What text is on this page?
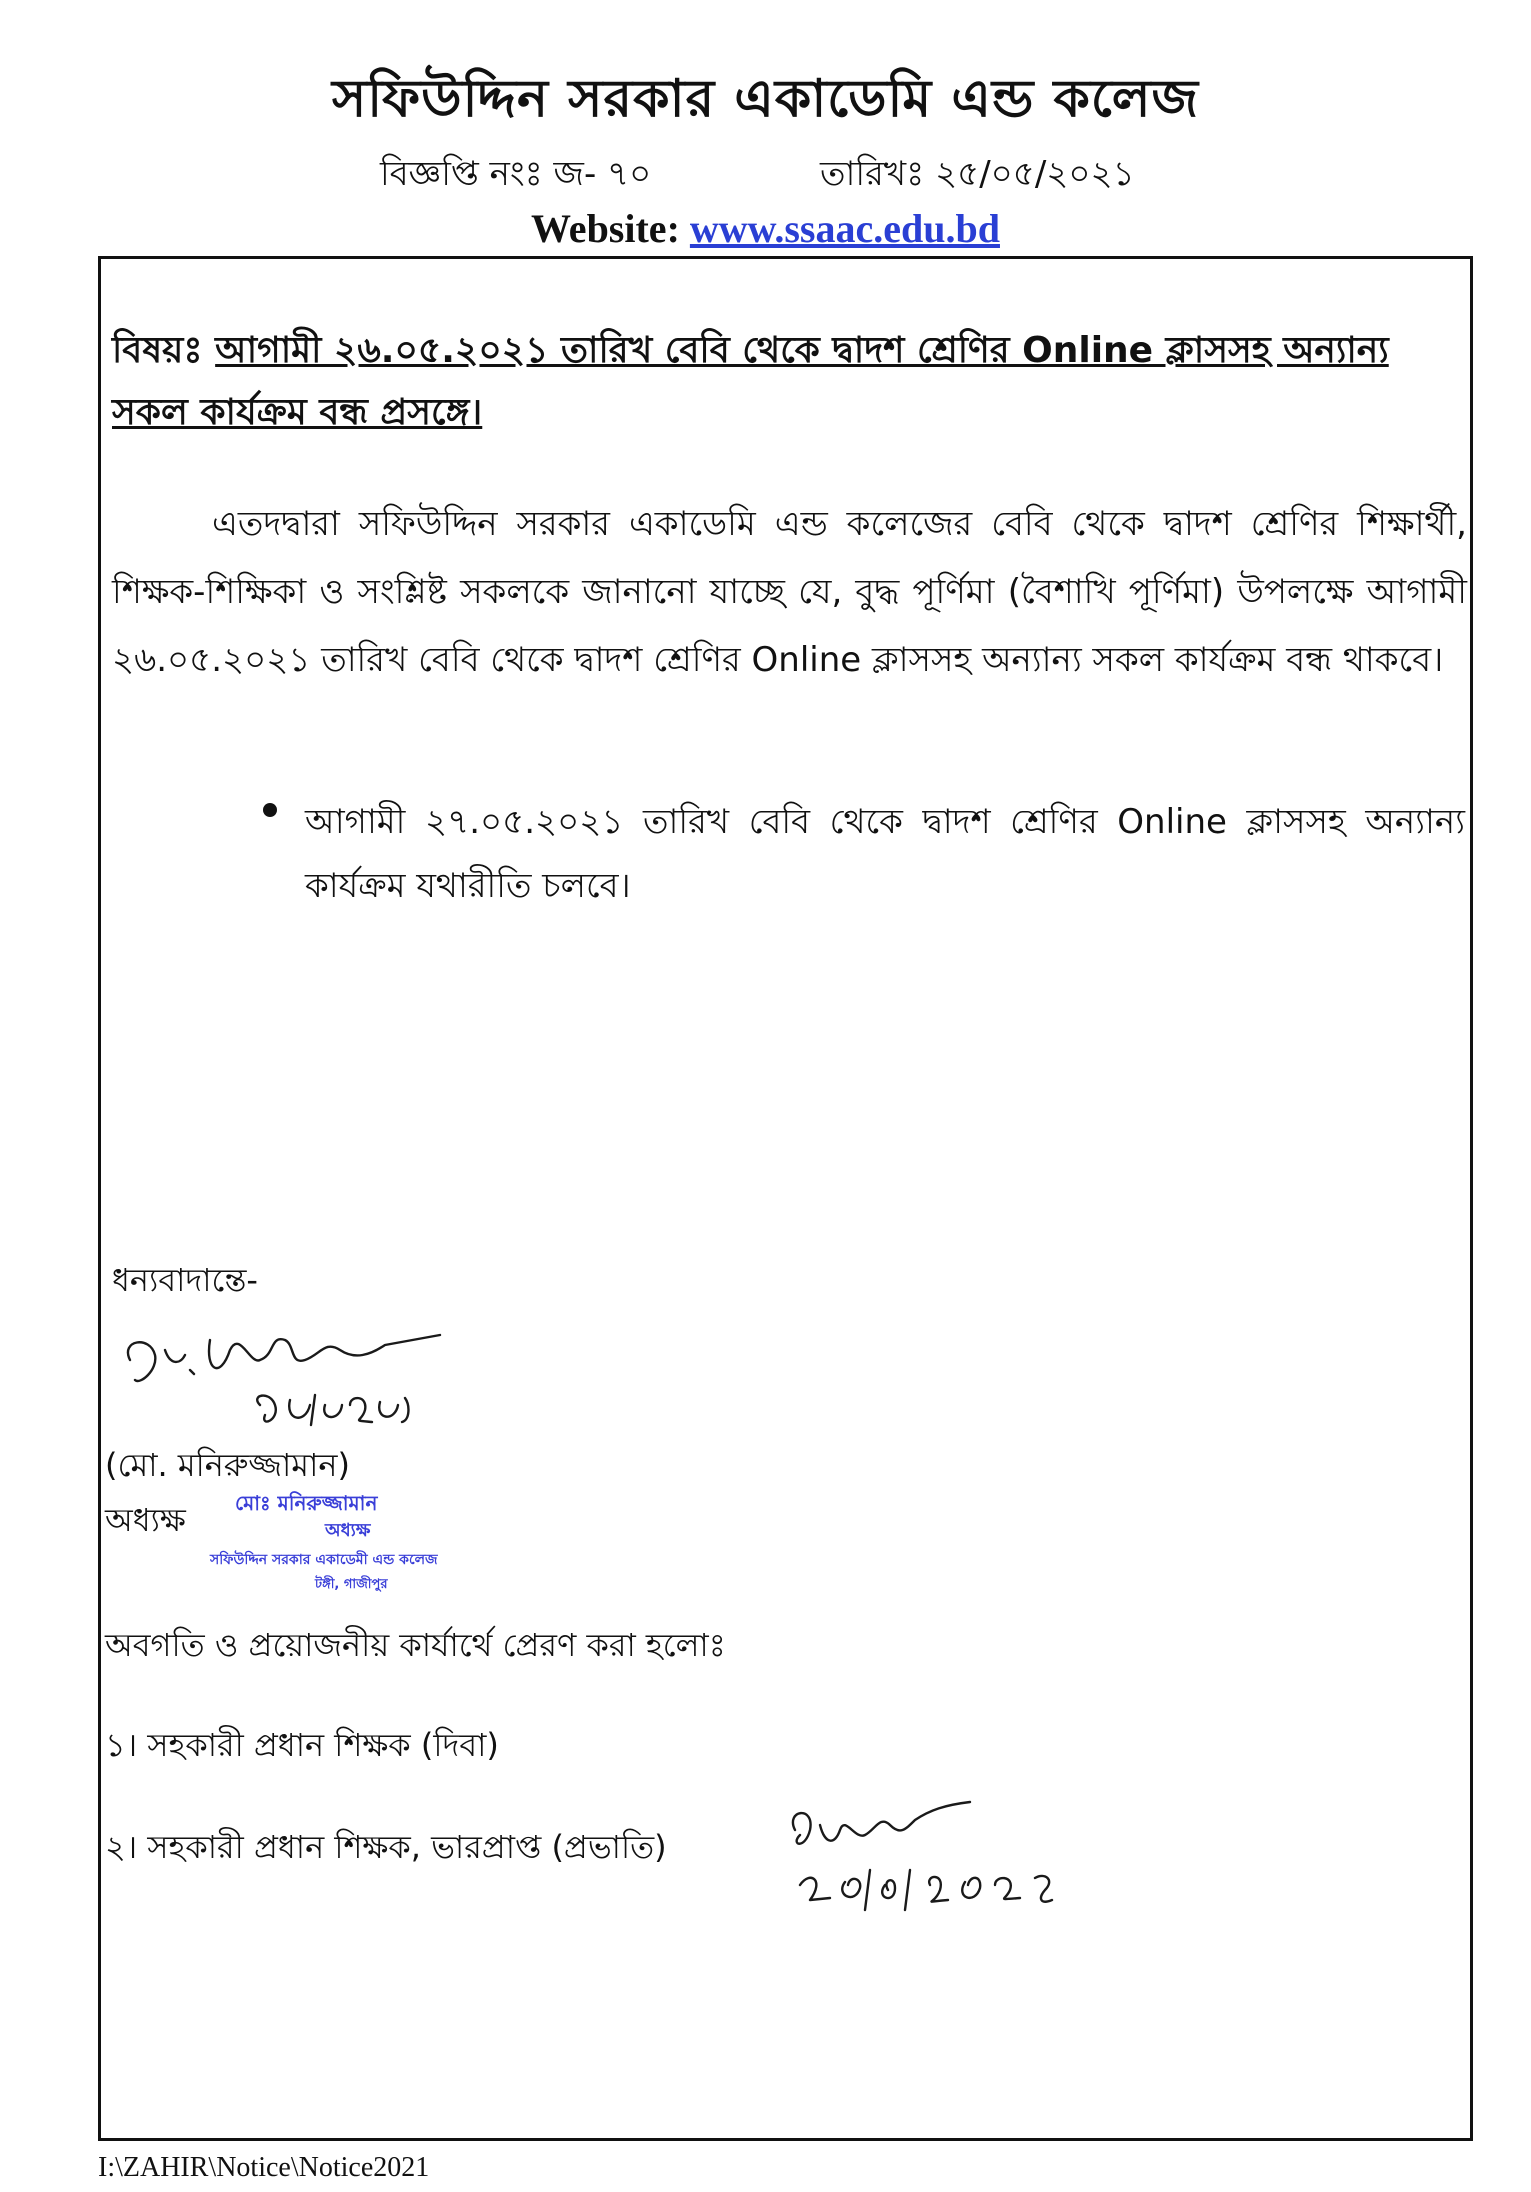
সফিউদ্দিন সরকার একাডেমি এন্ড কলেজ
বিজ্ঞপ্তি নংঃ জ- ৭০	তারিখঃ ২৫/০৫/২০২১
Website: www.ssaac.edu.bd
বিষয়ঃ আগামী ২৬.০৫.২০২১ তারিখ বেবি থেকে দ্বাদশ শ্রেণির Online ক্লাসসহ অন্যান্য সকল কার্যক্রম বন্ধ প্রসঙ্গে।
এতদদ্বারা সফিউদ্দিন সরকার একাডেমি এন্ড কলেজের বেবি থেকে দ্বাদশ শ্রেণির শিক্ষার্থী, শিক্ষক-শিক্ষিকা ও সংশ্লিষ্ট সকলকে জানানো যাচ্ছে যে, বুদ্ধ পূর্ণিমা (বৈশাখি পূর্ণিমা) উপলক্ষে আগামী ২৬.০৫.২০২১ তারিখ বেবি থেকে দ্বাদশ শ্রেণির Online ক্লাসসহ অন্যান্য সকল কার্যক্রম বন্ধ থাকবে।
আগামী ২৭.০৫.২০২১ তারিখ বেবি থেকে দ্বাদশ শ্রেণির Online ক্লাসসহ অন্যান্য কার্যক্রম যথারীতি চলবে।
ধন্যবাদান্তে-
(মো. মনিরুজ্জামান)
অধ্যক্ষ মোঃ মনিরুজ্জামান
অধ্যক্ষ
সফিউদ্দিন সরকার একাডেমী এন্ড কলেজ
টঙ্গী, গাজীপুর
অবগতি ও প্রয়োজনীয় কার্যার্থে প্রেরণ করা হলোঃ
১। সহকারী প্রধান শিক্ষক (দিবা)
২। সহকারী প্রধান শিক্ষক, ভারপ্রাপ্ত (প্রভাতি)
I:\ZAHIR\Notice\Notice2021
